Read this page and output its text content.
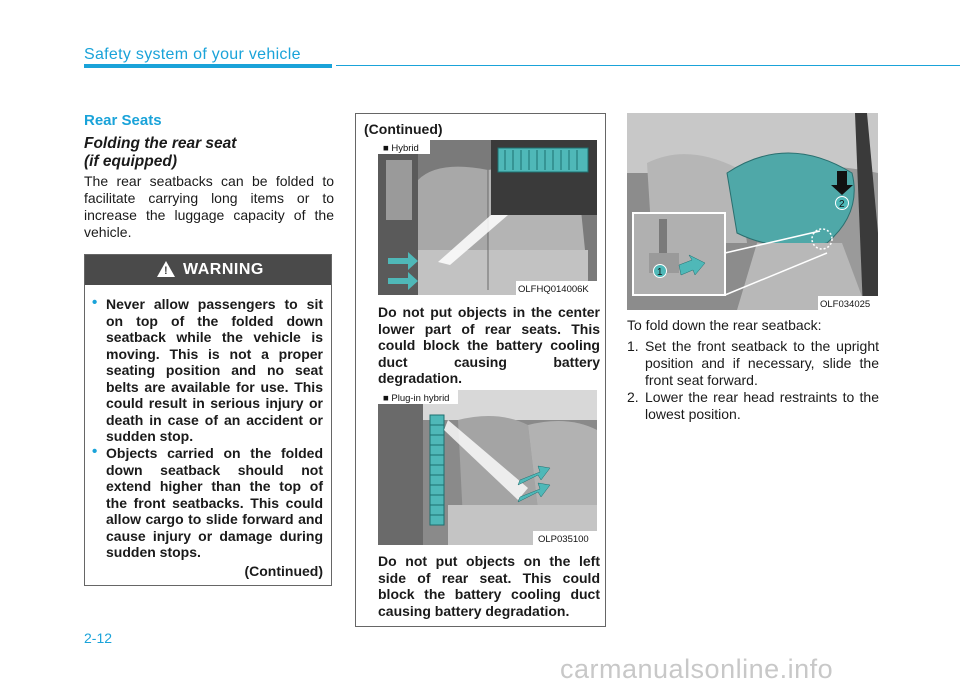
Safety system of your vehicle
Rear Seats
Folding the rear seat
(if equipped)
The rear seatbacks can be folded to facilitate carrying long items or to increase the luggage capacity of the vehicle.
! WARNING
• Never allow passengers to sit on top of the folded down seatback while the vehicle is moving. This is not a proper seating position and no seat belts are available for use. This could result in serious injury or death in case of an accident or sudden stop.
• Objects carried on the folded down seatback should not extend higher than the top of the front seatbacks. This could allow cargo to slide forward and cause injury or damage during sudden stops.
(Continued)
(Continued)
■ Hybrid
OLFHQ014006K
Do not put objects in the center lower part of rear seats. This could block the battery cooling duct causing battery degradation.
■ Plug-in hybrid
OLP035100
Do not put objects on the left side of rear seat. This could block the battery cooling duct causing battery degradation.
1
2
OLF034025
To fold down the rear seatback:
1. Set the front seatback to the upright position and if necessary, slide the front seat forward.
2. Lower the rear head restraints to the lowest position.
2-12
carmanualsonline.info
